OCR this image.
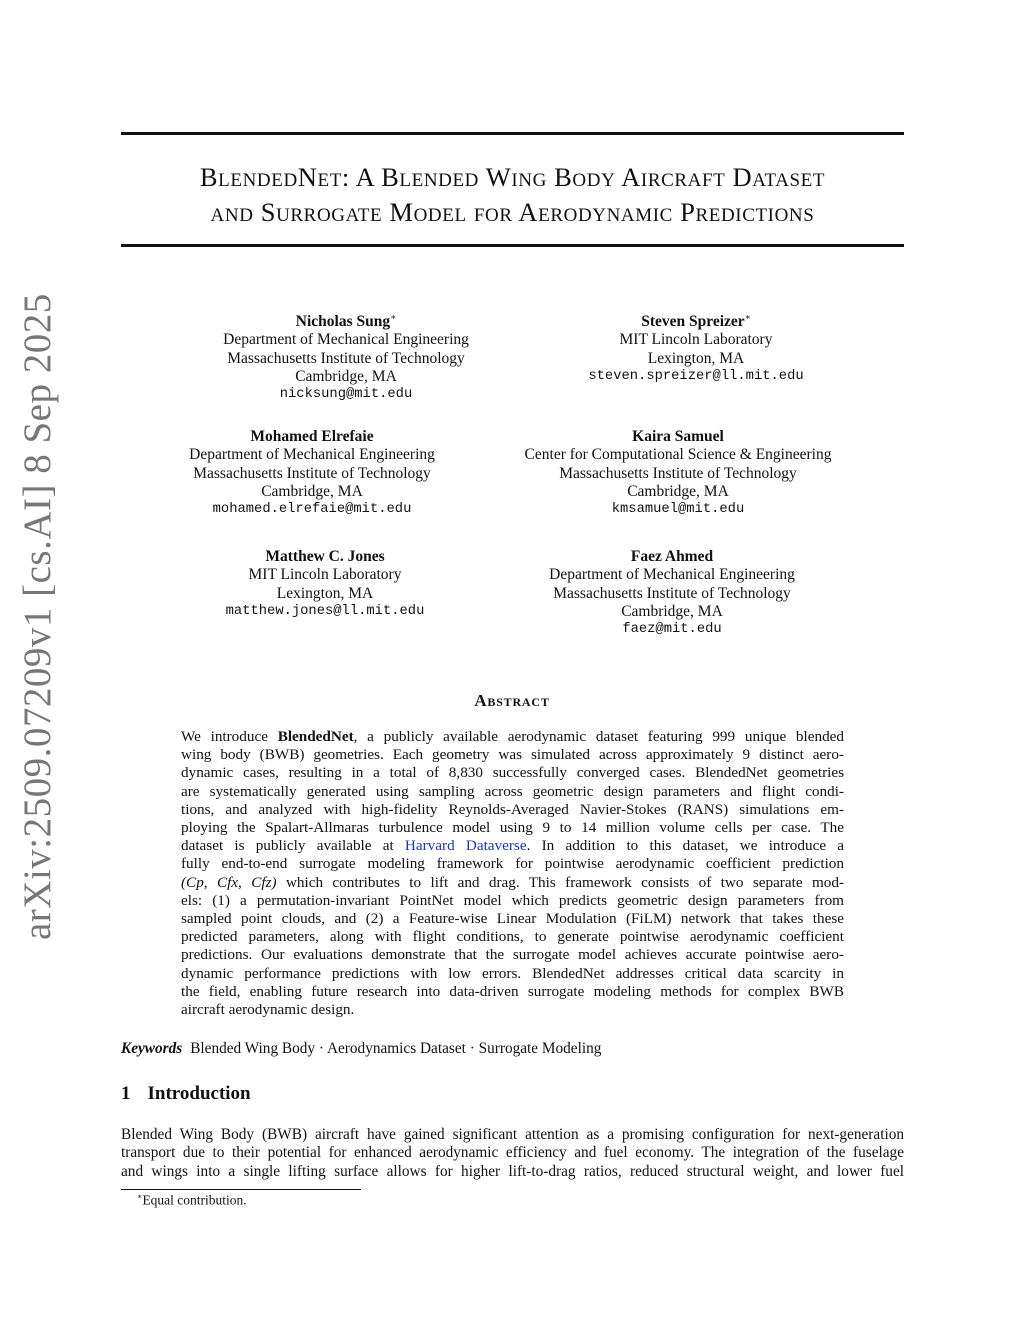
arXiv:2509.07209v1 [cs.AI] 8 Sep 2025
BlendedNet: A Blended Wing Body Aircraft Dataset
and Surrogate Model for Aerodynamic Predictions
Nicholas Sung∗
Department of Mechanical Engineering
Massachusetts Institute of Technology
Cambridge, MA
nicksung@mit.edu
Steven Spreizer∗
MIT Lincoln Laboratory
Lexington, MA
steven.spreizer@ll.mit.edu
Mohamed Elrefaie
Department of Mechanical Engineering
Massachusetts Institute of Technology
Cambridge, MA
mohamed.elrefaie@mit.edu
Kaira Samuel
Center for Computational Science & Engineering
Massachusetts Institute of Technology
Cambridge, MA
kmsamuel@mit.edu
Matthew C. Jones
MIT Lincoln Laboratory
Lexington, MA
matthew.jones@ll.mit.edu
Faez Ahmed
Department of Mechanical Engineering
Massachusetts Institute of Technology
Cambridge, MA
faez@mit.edu
Abstract
We introduce BlendedNet, a publicly available aerodynamic dataset featuring 999 unique blended
wing body (BWB) geometries. Each geometry was simulated across approximately 9 distinct aero-
dynamic cases, resulting in a total of 8,830 successfully converged cases. BlendedNet geometries
are systematically generated using sampling across geometric design parameters and flight condi-
tions, and analyzed with high-fidelity Reynolds-Averaged Navier-Stokes (RANS) simulations em-
ploying the Spalart-Allmaras turbulence model using 9 to 14 million volume cells per case. The
dataset is publicly available at Harvard Dataverse. In addition to this dataset, we introduce a
fully end-to-end surrogate modeling framework for pointwise aerodynamic coefficient prediction
(Cp, Cfx, Cfz) which contributes to lift and drag. This framework consists of two separate mod-
els: (1) a permutation-invariant PointNet model which predicts geometric design parameters from
sampled point clouds, and (2) a Feature-wise Linear Modulation (FiLM) network that takes these
predicted parameters, along with flight conditions, to generate pointwise aerodynamic coefficient
predictions. Our evaluations demonstrate that the surrogate model achieves accurate pointwise aero-
dynamic performance predictions with low errors. BlendedNet addresses critical data scarcity in
the field, enabling future research into data-driven surrogate modeling methods for complex BWB
aircraft aerodynamic design.
Keywords Blended Wing Body · Aerodynamics Dataset · Surrogate Modeling
1 Introduction
Blended Wing Body (BWB) aircraft have gained significant attention as a promising configuration for next-generation
transport due to their potential for enhanced aerodynamic efficiency and fuel economy. The integration of the fuselage
and wings into a single lifting surface allows for higher lift-to-drag ratios, reduced structural weight, and lower fuel
∗Equal contribution.
